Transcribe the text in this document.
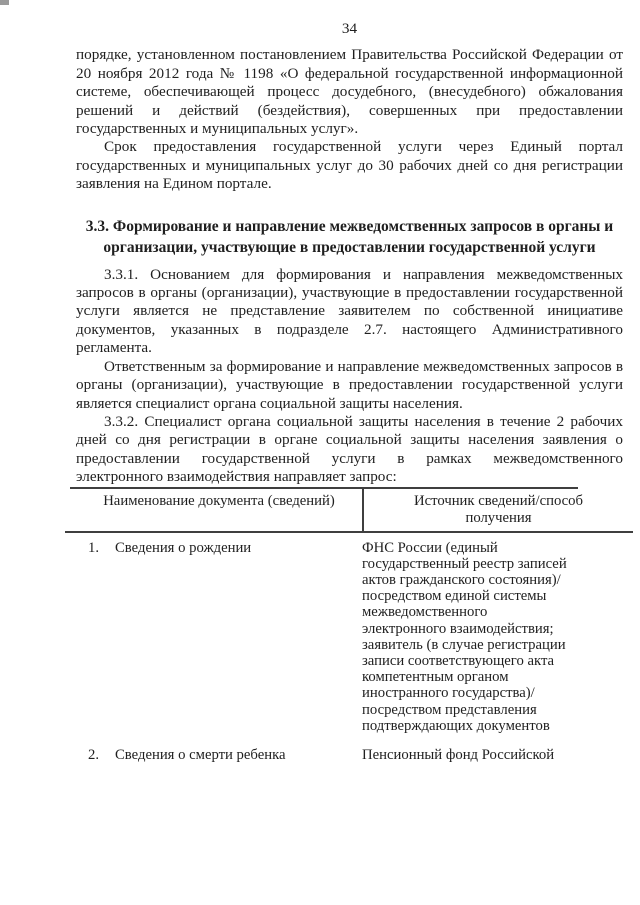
34

порядке, установленном постановлением Правительства Российской Федерации от 20 ноября 2012 года № 1198 «О федеральной государственной информационной системе, обеспечивающей процесс досудебного, (внесудебного) обжалования решений и действий (бездействия), совершенных при предоставлении государственных и муниципальных услуг».

Срок предоставления государственной услуги через Единый портал государственных и муниципальных услуг до 30 рабочих дней со дня регистрации заявления на Едином портале.

3.3. Формирование и направление межведомственных запросов в органы и организации, участвующие в предоставлении государственной услуги

3.3.1. Основанием для формирования и направления межведомственных запросов в органы (организации), участвующие в предоставлении государственной услуги является не представление заявителем по собственной инициативе документов, указанных в подразделе 2.7. настоящего Административного регламента.

Ответственным за формирование и направление межведомственных запросов в органы (организации), участвующие в предоставлении государственной услуги является специалист органа социальной защиты населения.

3.3.2. Специалист органа социальной защиты населения в течение 2 рабочих дней со дня регистрации в органе социальной защиты населения заявления о предоставлении государственной услуги в рамках межведомственного электронного взаимодействия направляет запрос:

Наименование документа (сведений)	Источник сведений/способ получения
1.	Сведения о рождении	ФНС России (единый государственный реестр записей актов гражданского состояния)/посредством единой системы межведомственного электронного взаимодействия; заявитель (в случае регистрации записи соответствующего акта компетентным органом иностранного государства)/посредством представления подтверждающих документов
2.	Сведения о смерти ребенка	Пенсионный фонд Российской
